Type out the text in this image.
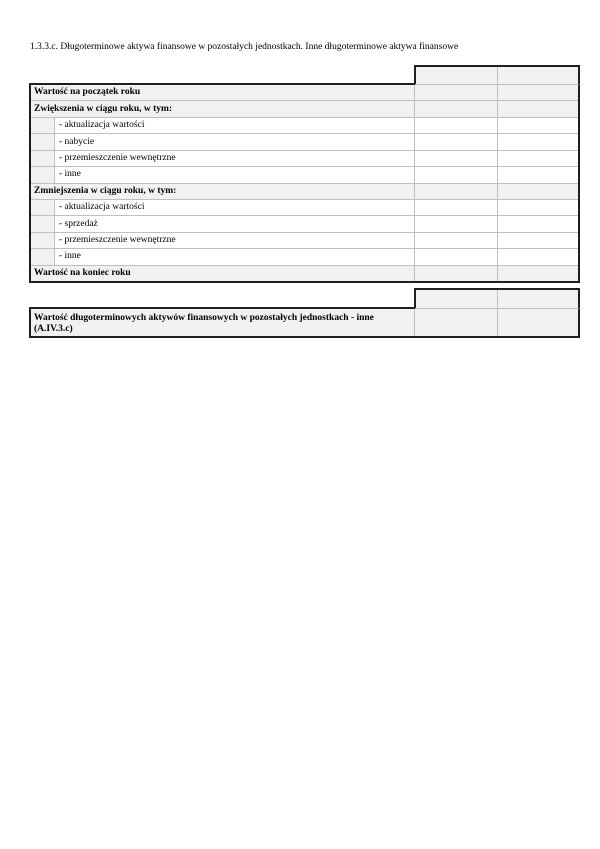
1.3.3.c. Długoterminowe aktywa finansowe w pozostałych jednostkach. Inne długoterminowe aktywa finansowe
Wartość na początek roku
Zwiększenia w ciągu roku, w tym:
- aktualizacja wartości
- nabycie
- przemieszczenie wewnętrzne
- inne
Zmniejszenia w ciągu roku, w tym:
- aktualizacja wartości
- sprzedaż
- przemieszczenie wewnętrzne
- inne
Wartość na koniec roku
Wartość długoterminowych aktywów finansowych w pozostałych jednostkach - inne
(A.IV.3.c)
